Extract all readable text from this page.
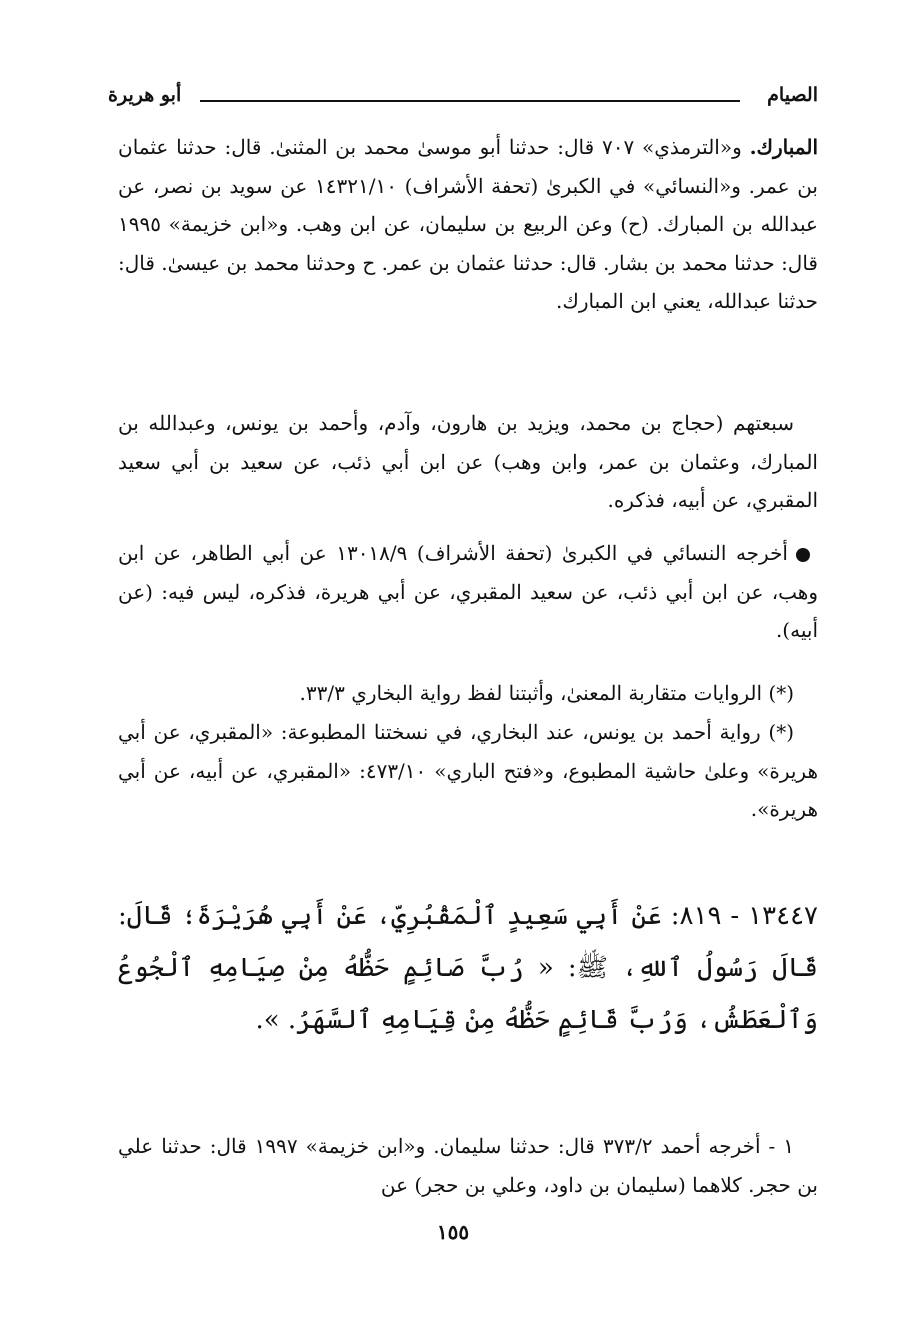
الصيام
أبو هريرة

المبارك. و«الترمذي» ٧٠٧ قال: حدثنا أبو موسىٰ محمد بن المثنىٰ. قال: حدثنا عثمان بن عمر. و«النسائي» في الكبرىٰ (تحفة الأشراف) ١٤٣٢١/١٠ عن سويد بن نصر، عن عبدالله بن المبارك. (ح) وعن الربيع بن سليمان، عن ابن وهب. و«ابن خزيمة» ١٩٩٥ قال: حدثنا محمد بن بشار. قال: حدثنا عثمان بن عمر. ح وحدثنا محمد بن عيسىٰ. قال: حدثنا عبدالله، يعني ابن المبارك.

سبعتهم (حجاج بن محمد، ويزيد بن هارون، وآدم، وأحمد بن يونس، وعبدالله بن المبارك، وعثمان بن عمر، وابن وهب) عن ابن أبي ذئب، عن سعيد بن أبي سعيد المقبري، عن أبيه، فذكره.

أخرجه النسائي في الكبرىٰ (تحفة الأشراف) ١٣٠١٨/٩ عن أبي الطاهر، عن ابن وهب، عن ابن أبي ذئب، عن سعيد المقبري، عن أبي هريرة، فذكره، ليس فيه: (عن أبيه).

(*) الروايات متقاربة المعنىٰ، وأثبتنا لفظ رواية البخاري ٣٣/٣.

(*) رواية أحمد بن يونس، عند البخاري، في نسختنا المطبوعة: «المقبري، عن أبي هريرة» وعلىٰ حاشية المطبوع، و«فتح الباري» ٤٧٣/١٠: «المقبري، عن أبيه، عن أبي هريرة».

١٣٤٤٧ - ٨١٩: عَنْ أَبِي سَعِيدٍ ٱلْمَقْبُرِيِّ، عَنْ أَبِي هُرَيْرَةَ؛ قَالَ: قَالَ رَسُولُ ٱللهِ، ﷺ: « رُبَّ صَائِمٍ حَظُّهُ مِنْ صِيَامِهِ ٱلْجُوعُ وَٱلْعَطَشُ، وَرُبَّ قَائِمٍ حَظُّهُ مِنْ قِيَامِهِ ٱلسَّهَرُ. ».

١ - أخرجه أحمد ٣٧٣/٢ قال: حدثنا سليمان. و«ابن خزيمة» ١٩٩٧ قال: حدثنا علي بن حجر. كلاهما (سليمان بن داود، وعلي بن حجر) عن

١٥٥
